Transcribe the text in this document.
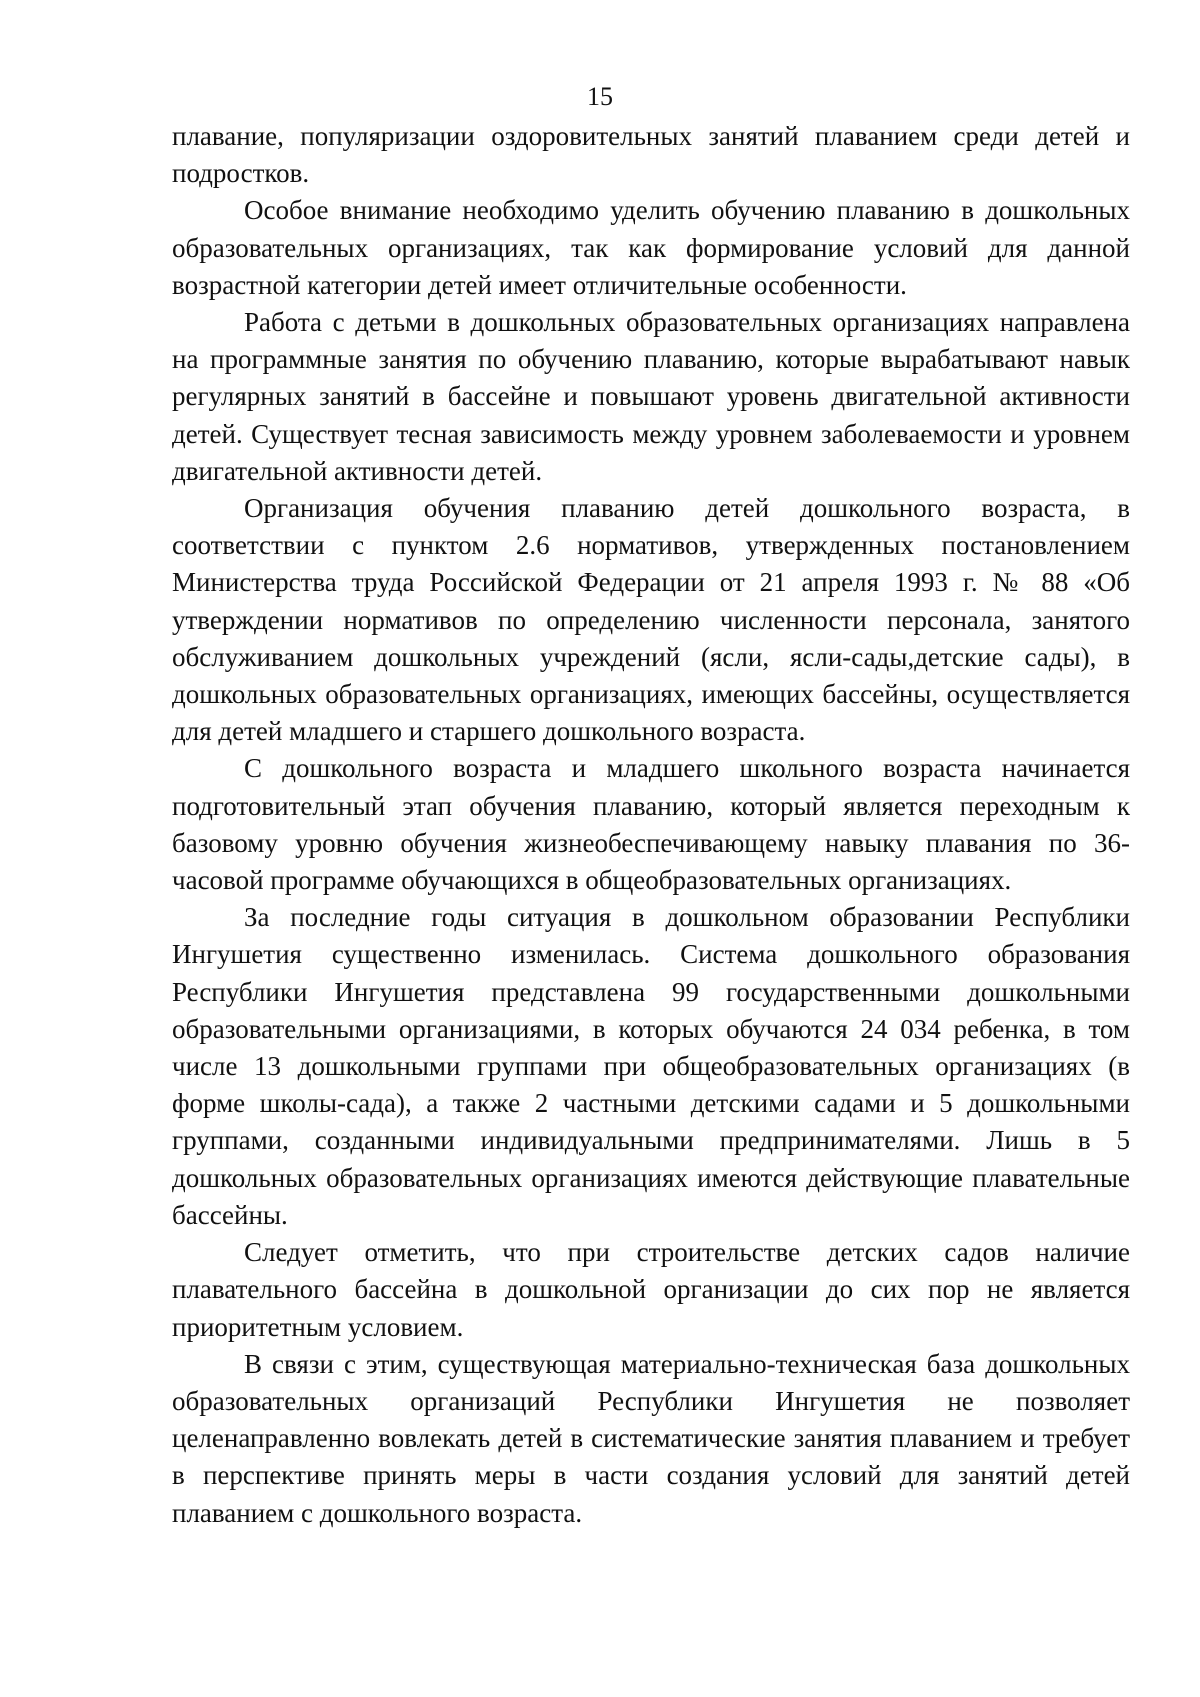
15

плавание, популяризации оздоровительных занятий плаванием среди детей и подростков.

Особое внимание необходимо уделить обучению плаванию в дошкольных образовательных организациях, так как формирование условий для данной возрастной категории детей имеет отличительные особенности.

Работа с детьми в дошкольных образовательных организациях направлена на программные занятия по обучению плаванию, которые вырабатывают навык регулярных занятий в бассейне и повышают уровень двигательной активности детей. Существует тесная зависимость между уровнем заболеваемости и уровнем двигательной активности детей.

Организация обучения плаванию детей дошкольного возраста, в соответствии с пунктом 2.6 нормативов, утвержденных постановлением Министерства труда Российской Федерации от 21 апреля 1993 г. № 88 «Об утверждении нормативов по определению численности персонала, занятого обслуживанием дошкольных учреждений (ясли, ясли-сады,детские сады), в дошкольных образовательных организациях, имеющих бассейны, осуществляется для детей младшего и старшего дошкольного возраста.

С дошкольного возраста и младшего школьного возраста начинается подготовительный этап обучения плаванию, который является переходным к базовому уровню обучения жизнеобеспечивающему навыку плавания по 36-часовой программе обучающихся в общеобразовательных организациях.

За последние годы ситуация в дошкольном образовании Республики Ингушетия существенно изменилась. Система дошкольного образования Республики Ингушетия представлена 99 государственными дошкольными образовательными организациями, в которых обучаются 24 034 ребенка, в том числе 13 дошкольными группами при общеобразовательных организациях (в форме школы-сада), а также 2 частными детскими садами и 5 дошкольными группами, созданными индивидуальными предпринимателями. Лишь в 5 дошкольных образовательных организациях имеются действующие плавательные бассейны.

Следует отметить, что при строительстве детских садов наличие плавательного бассейна в дошкольной организации до сих пор не является приоритетным условием.

В связи с этим, существующая материально-техническая база дошкольных образовательных организаций Республики Ингушетия не позволяет целенаправленно вовлекать детей в систематические занятия плаванием и требует в перспективе принять меры в части создания условий для занятий детей плаванием с дошкольного возраста.
